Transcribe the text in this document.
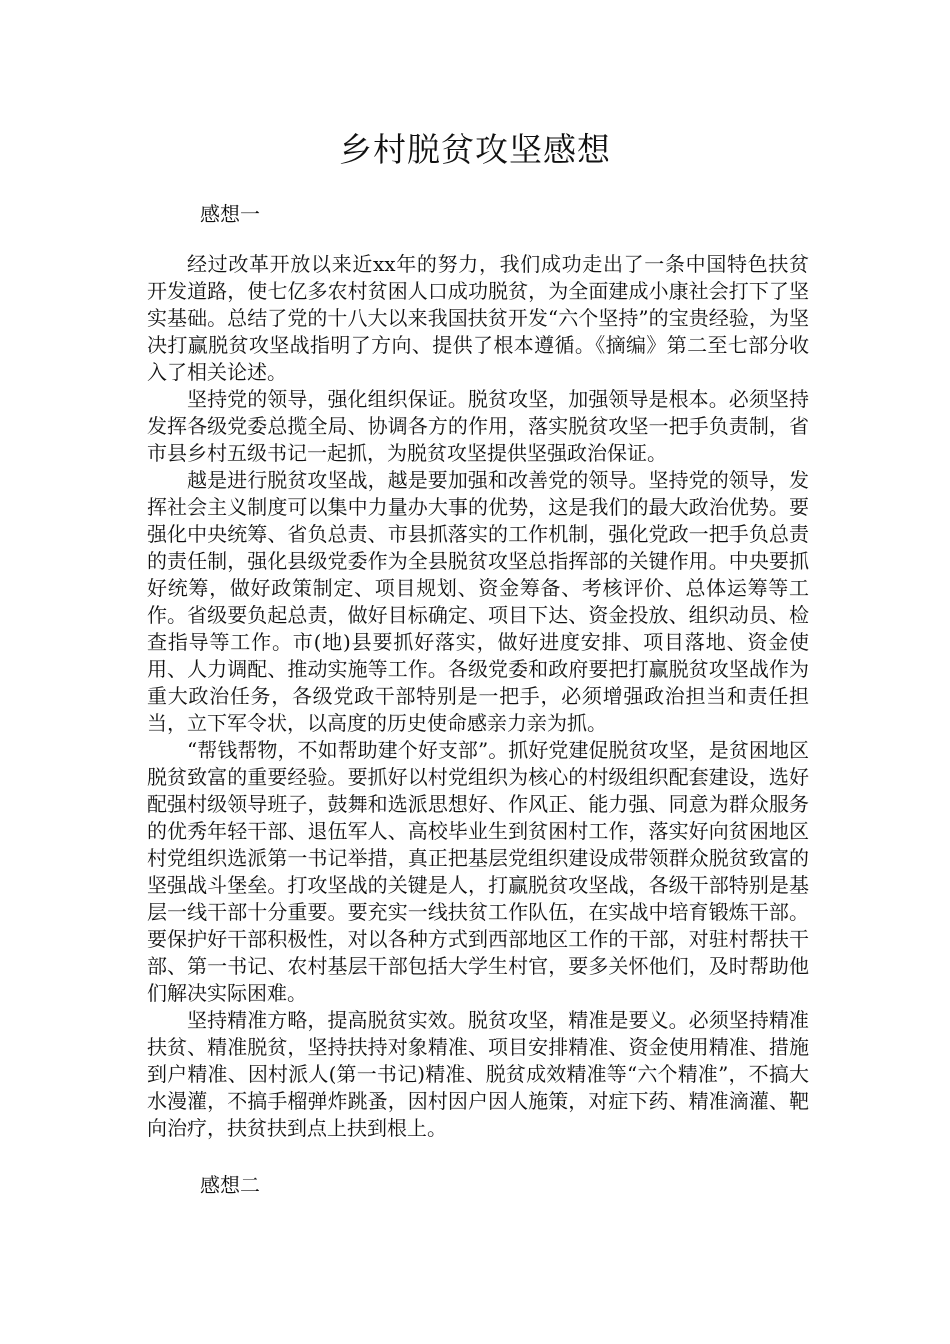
乡村脱贫攻坚感想
感想一

经过改革开放以来近xx年的努力，我们成功走出了一条中国特色扶贫开发道路，使七亿多农村贫困人口成功脱贫，为全面建成小康社会打下了坚实基础。总结了党的十八大以来我国扶贫开发“六个坚持”的宝贵经验，为坚决打赢脱贫攻坚战指明了方向、提供了根本遵循。《摘编》第二至七部分收入了相关论述。

坚持党的领导，强化组织保证。脱贫攻坚，加强领导是根本。必须坚持发挥各级党委总揽全局、协调各方的作用，落实脱贫攻坚一把手负责制，省市县乡村五级书记一起抓，为脱贫攻坚提供坚强政治保证。

越是进行脱贫攻坚战，越是要加强和改善党的领导。坚持党的领导，发挥社会主义制度可以集中力量办大事的优势，这是我们的最大政治优势。要强化中央统筹、省负总责、市县抓落实的工作机制，强化党政一把手负总责的责任制，强化县级党委作为全县脱贫攻坚总指挥部的关键作用。中央要抓好统筹，做好政策制定、项目规划、资金筹备、考核评价、总体运筹等工作。省级要负起总责，做好目标确定、项目下达、资金投放、组织动员、检查指导等工作。市(地)县要抓好落实，做好进度安排、项目落地、资金使用、人力调配、推动实施等工作。各级党委和政府要把打赢脱贫攻坚战作为重大政治任务，各级党政干部特别是一把手，必须增强政治担当和责任担当，立下军令状，以高度的历史使命感亲力亲为抓。

“帮钱帮物，不如帮助建个好支部”。抓好党建促脱贫攻坚，是贫困地区脱贫致富的重要经验。要抓好以村党组织为核心的村级组织配套建设，选好配强村级领导班子，鼓舞和选派思想好、作风正、能力强、同意为群众服务的优秀年轻干部、退伍军人、高校毕业生到贫困村工作，落实好向贫困地区村党组织选派第一书记举措，真正把基层党组织建设成带领群众脱贫致富的坚强战斗堡垒。打攻坚战的关键是人，打赢脱贫攻坚战，各级干部特别是基层一线干部十分重要。要充实一线扶贫工作队伍，在实战中培育锻炼干部。要保护好干部积极性，对以各种方式到西部地区工作的干部，对驻村帮扶干部、第一书记、农村基层干部包括大学生村官，要多关怀他们，及时帮助他们解决实际困难。

坚持精准方略，提高脱贫实效。脱贫攻坚，精准是要义。必须坚持精准扶贫、精准脱贫，坚持扶持对象精准、项目安排精准、资金使用精准、措施到户精准、因村派人(第一书记)精准、脱贫成效精准等“六个精准”，不搞大水漫灌，不搞手榴弹炸跳蚤，因村因户因人施策，对症下药、精准滴灌、靶向治疗，扶贫扶到点上扶到根上。

感想二
